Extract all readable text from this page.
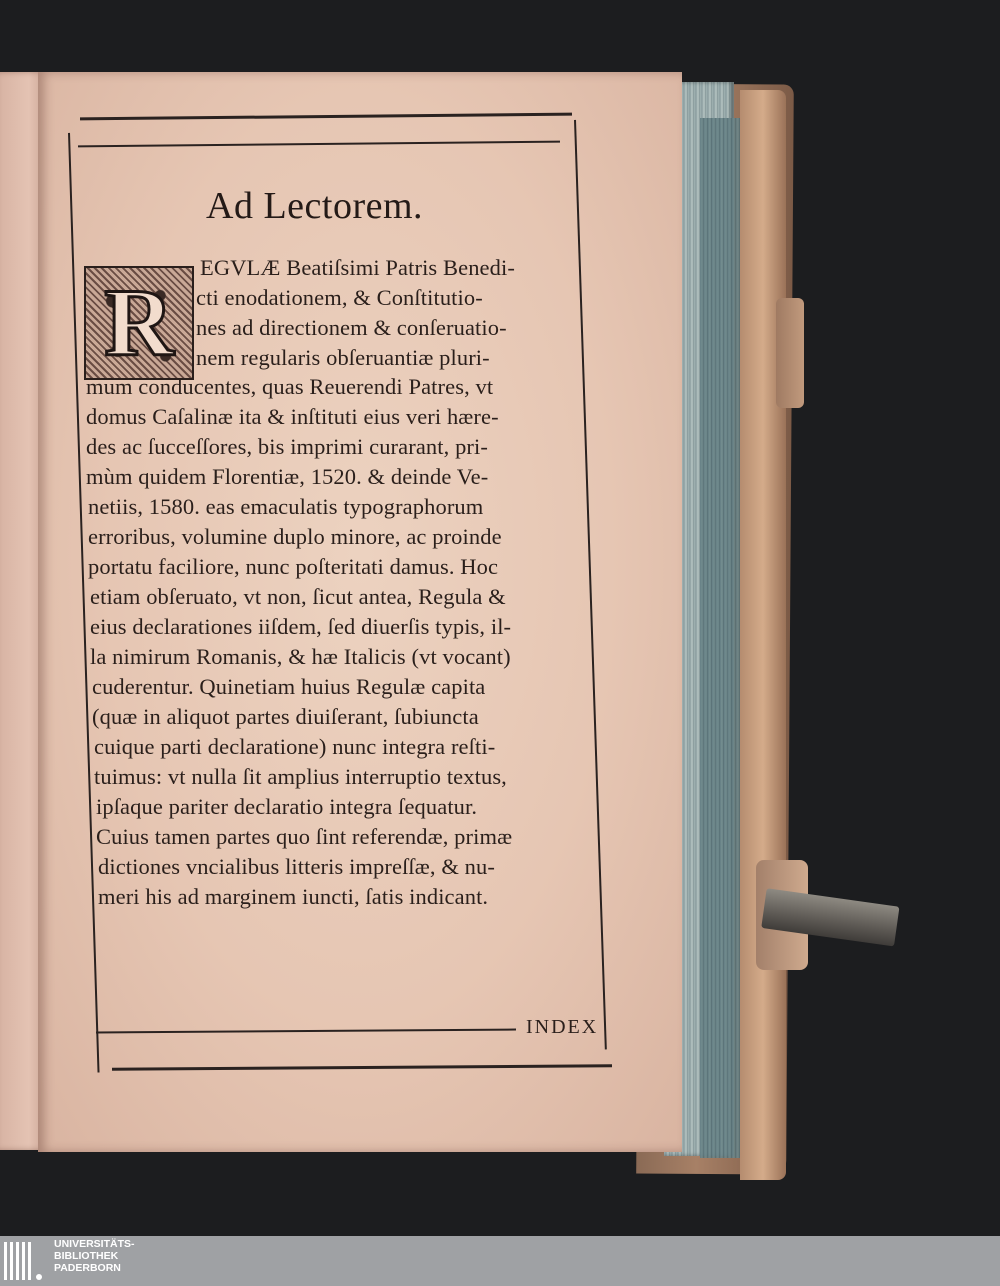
Ad Lectorem.
R
EGVLÆ Beatiſsimi Patris Benedi-
cti enodationem, & Conſtitutio-
nes ad directionem & conſeruatio-
nem regularis obſeruantiæ pluri-
mum conducentes, quas Reuerendi Patres, vt
domus Caſalinæ ita & inſtituti eius veri hære-
des ac ſucceſſores, bis imprimi curarant, pri-
mùm quidem Florentiæ, 1520. & deinde Ve-
netiis, 1580. eas emaculatis typographorum
erroribus, volumine duplo minore, ac proinde
portatu faciliore, nunc poſteritati damus. Hoc
etiam obſeruato, vt non, ſicut antea, Regula &
eius declarationes iiſdem, ſed diuerſis typis, il-
la nimirum Romanis, & hæ Italicis (vt vocant)
cuderentur. Quinetiam huius Regulæ capita
(quæ in aliquot partes diuiſerant, ſubiuncta
cuique parti declaratione) nunc integra reſti-
tuimus: vt nulla ſit amplius interruptio textus,
ipſaque pariter declaratio integra ſequatur.
Cuius tamen partes quo ſint referendæ, primæ
dictiones vncialibus litteris impreſſæ, & nu-
meri his ad marginem iuncti, ſatis indicant.
INDEX
UNIVERSITÄTS-
BIBLIOTHEK
PADERBORN
